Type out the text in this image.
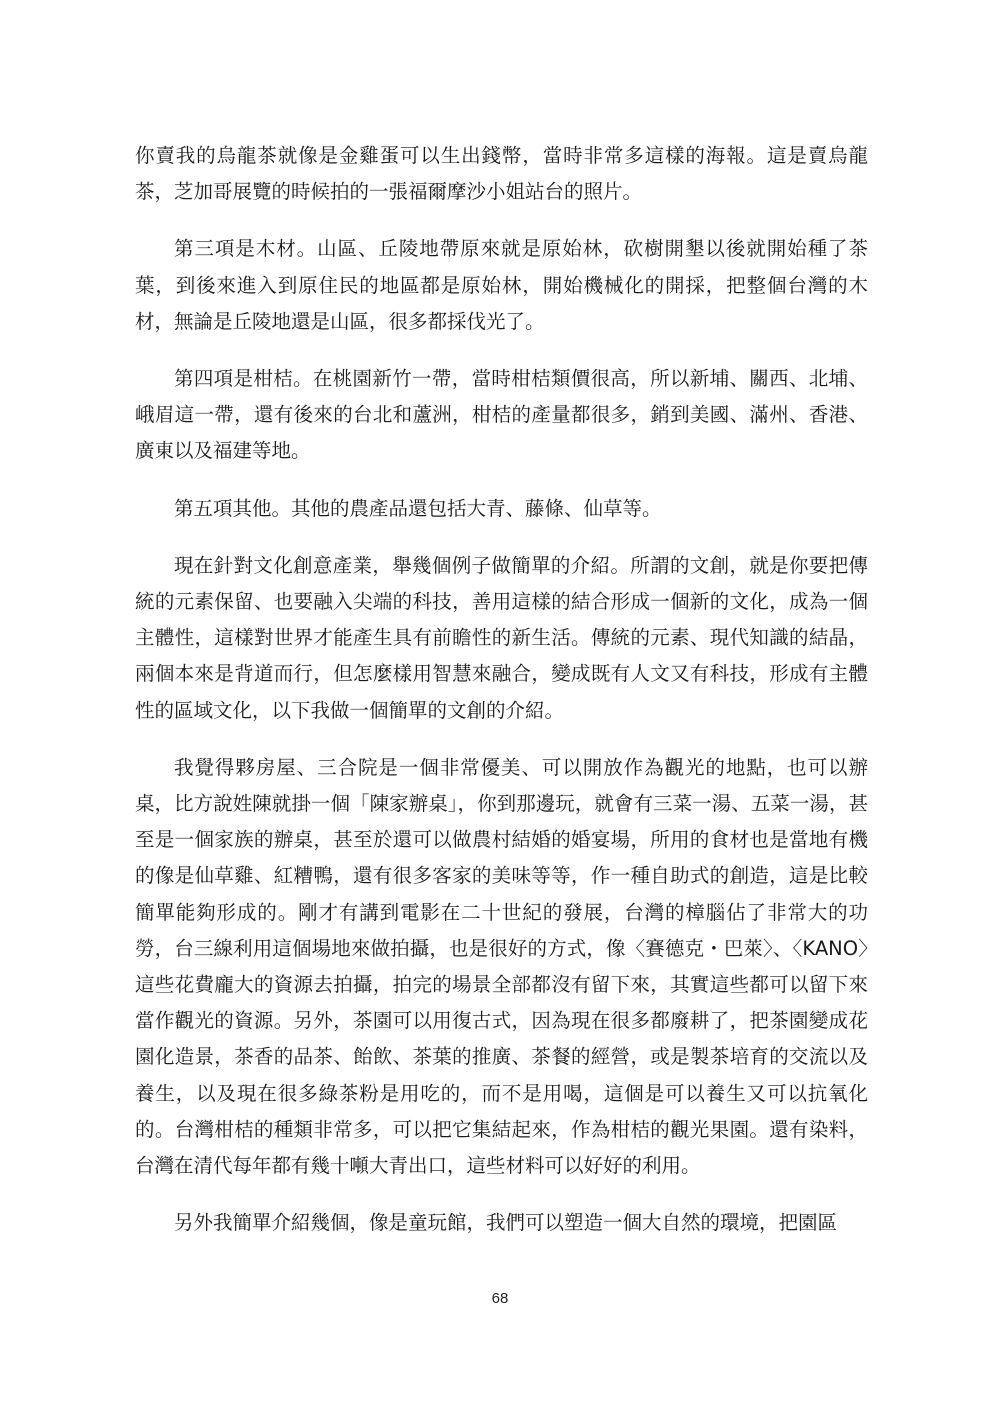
你賣我的烏龍茶就像是金雞蛋可以生出錢幣，當時非常多這樣的海報。這是賣烏龍茶，芝加哥展覽的時候拍的一張福爾摩沙小姐站台的照片。

第三項是木材。山區、丘陵地帶原來就是原始林，砍樹開墾以後就開始種了茶葉，到後來進入到原住民的地區都是原始林，開始機械化的開採，把整個台灣的木材，無論是丘陵地還是山區，很多都採伐光了。

第四項是柑桔。在桃園新竹一帶，當時柑桔類價很高，所以新埔、關西、北埔、峨眉這一帶，還有後來的台北和蘆洲，柑桔的產量都很多，銷到美國、滿州、香港、廣東以及福建等地。

第五項其他。其他的農產品還包括大青、藤條、仙草等。

現在針對文化創意產業，舉幾個例子做簡單的介紹。所謂的文創，就是你要把傳統的元素保留、也要融入尖端的科技，善用這樣的結合形成一個新的文化，成為一個主體性，這樣對世界才能產生具有前瞻性的新生活。傳統的元素、現代知識的結晶，兩個本來是背道而行，但怎麼樣用智慧來融合，變成既有人文又有科技，形成有主體性的區域文化，以下我做一個簡單的文創的介紹。

我覺得夥房屋、三合院是一個非常優美、可以開放作為觀光的地點，也可以辦桌，比方說姓陳就掛一個「陳家辦桌」，你到那邊玩，就會有三菜一湯、五菜一湯，甚至是一個家族的辦桌，甚至於還可以做農村結婚的婚宴場，所用的食材也是當地有機的像是仙草雞、紅糟鴨，還有很多客家的美味等等，作一種自助式的創造，這是比較簡單能夠形成的。剛才有講到電影在二十世紀的發展，台灣的樟腦佔了非常大的功勞，台三線利用這個場地來做拍攝，也是很好的方式，像〈賽德克・巴萊〉、〈KANO〉這些花費龐大的資源去拍攝，拍完的場景全部都沒有留下來，其實這些都可以留下來當作觀光的資源。另外，茶園可以用復古式，因為現在很多都廢耕了，把茶園變成花園化造景，茶香的品茶、飴飲、茶葉的推廣、茶餐的經營，或是製茶培育的交流以及養生，以及現在很多綠茶粉是用吃的，而不是用喝，這個是可以養生又可以抗氧化的。台灣柑桔的種類非常多，可以把它集結起來，作為柑桔的觀光果園。還有染料，台灣在清代每年都有幾十噸大青出口，這些材料可以好好的利用。

另外我簡單介紹幾個，像是童玩館，我們可以塑造一個大自然的環境，把園區

68
